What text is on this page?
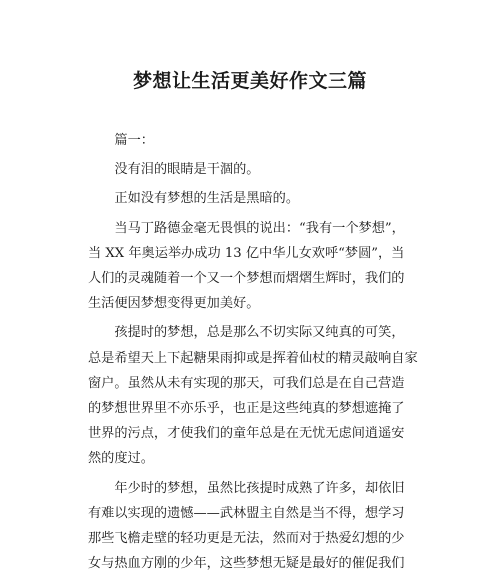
梦想让生活更美好作文三篇
篇一：
没有泪的眼睛是干涸的。
正如没有梦想的生活是黑暗的。
当马丁路德金毫无畏惧的说出：“我有一个梦想”，
当 XX 年奥运举办成功 13 亿中华儿女欢呼“梦圆”，当
人们的灵魂随着一个又一个梦想而熠熠生辉时，我们的
生活便因梦想变得更加美好。
孩提时的梦想，总是那么不切实际又纯真的可笑，
总是希望天上下起糖果雨抑或是挥着仙杖的精灵敲响自家
窗户。虽然从未有实现的那天，可我们总是在自己营造
的梦想世界里不亦乐乎，也正是这些纯真的梦想遮掩了
世界的污点，才使我们的童年总是在无忧无虑间逍遥安
然的度过。
年少时的梦想，虽然比孩提时成熟了许多，却依旧
有难以实现的遗憾——武林盟主自然是当不得，想学习
那些飞檐走壁的轻功更是无法，然而对于热爱幻想的少
女与热血方刚的少年，这些梦想无疑是最好的催促我们
